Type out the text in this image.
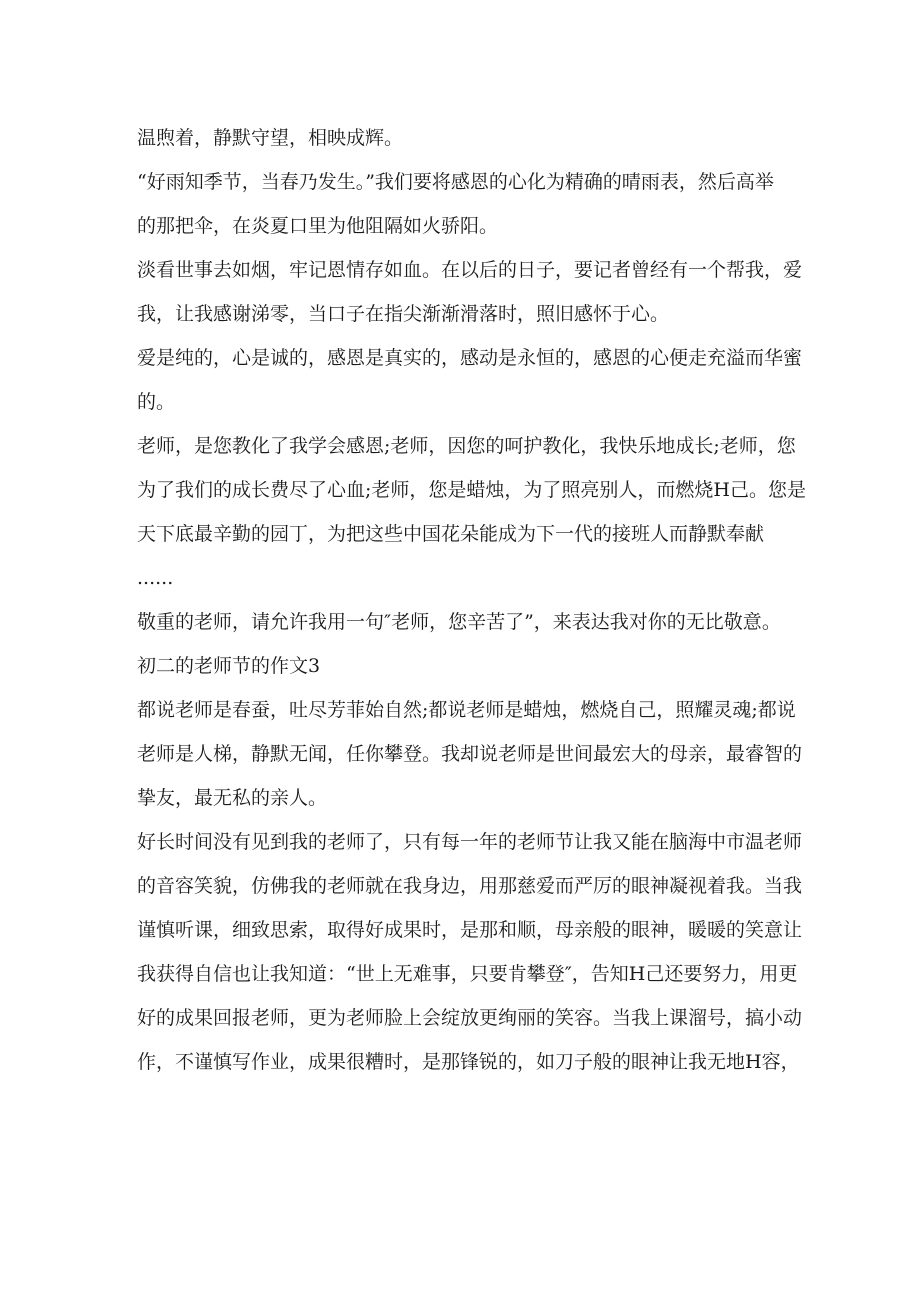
温煦着，静默守望，相映成辉。

“好雨知季节，当春乃发生。”我们要将感恩的心化为精确的晴雨表，然后高举
的那把伞，在炎夏口里为他阻隔如火骄阳。

淡看世事去如烟，牢记恩情存如血。在以后的日子，要记者曾经有一个帮我，爱
我，让我感谢涕零，当口子在指尖渐渐滑落时，照旧感怀于心。

爱是纯的，心是诚的，感恩是真实的，感动是永恒的，感恩的心便走充溢而华蜜
的。

老师，是您教化了我学会感恩;老师，因您的呵护教化，我快乐地成长;老师，您
为了我们的成长费尽了心血;老师，您是蜡烛，为了照亮别人，而燃烧H己。您是
天下底最辛勤的园丁，为把这些中国花朵能成为下一代的接班人而静默奉献
......

敬重的老师，请允许我用一句″老师，您辛苦了”，来表达我对你的无比敬意。

初二的老师节的作文3

都说老师是春蚕，吐尽芳菲始自然;都说老师是蜡烛，燃烧自己，照耀灵魂;都说
老师是人梯，静默无闻，任你攀登。我却说老师是世间最宏大的母亲，最睿智的
挚友，最无私的亲人。

好长时间没有见到我的老师了，只有每一年的老师节让我又能在脑海中市温老师
的音容笑貌，仿佛我的老师就在我身边，用那慈爱而严厉的眼神凝视着我。当我
谨慎听课，细致思索，取得好成果时，是那和顺，母亲般的眼神，暖暖的笑意让
我获得自信也让我知道：“世上无难事，只要肯攀登″，告知H己还要努力，用更
好的成果回报老师，更为老师脸上会绽放更绚丽的笑容。当我上课溜号，搞小动
作，不谨慎写作业，成果很糟时，是那锋锐的，如刀子般的眼神让我无地H容，
